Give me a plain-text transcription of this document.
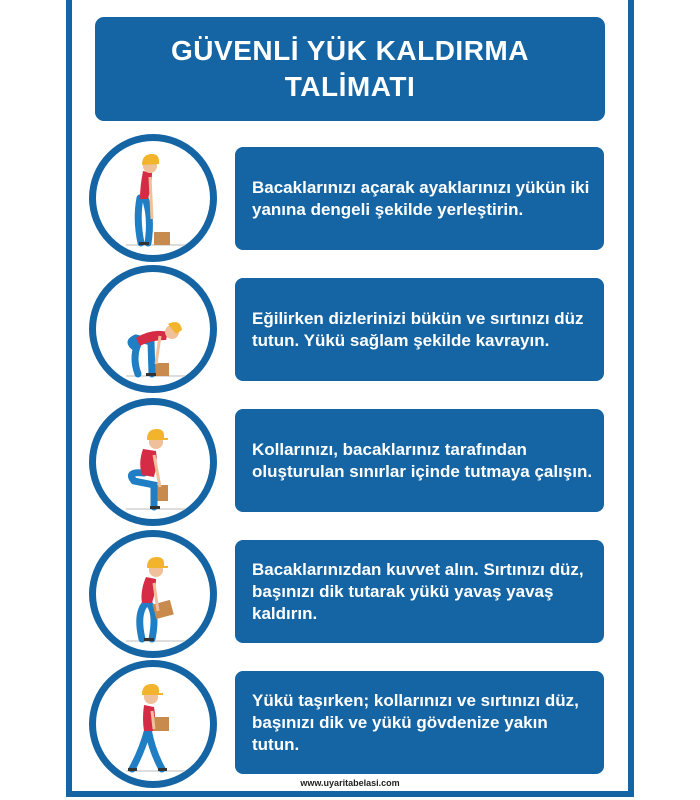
GÜVENLİ YÜK KALDIRMA
TALİMATI
Bacaklarınızı açarak ayaklarınızı yükün iki yanına dengeli şekilde yerleştirin.
Eğilirken dizlerinizi bükün ve sırtınızı düz tutun. Yükü sağlam şekilde kavrayın.
Kollarınızı, bacaklarınız tarafından oluşturulan sınırlar içinde tutmaya çalışın.
Bacaklarınızdan kuvvet alın. Sırtınızı düz, başınızı dik tutarak yükü yavaş yavaş kaldırın.
Yükü taşırken; kollarınızı ve sırtınızı düz, başınızı dik ve yükü gövdenize yakın tutun.
www.uyaritabelasi.com
